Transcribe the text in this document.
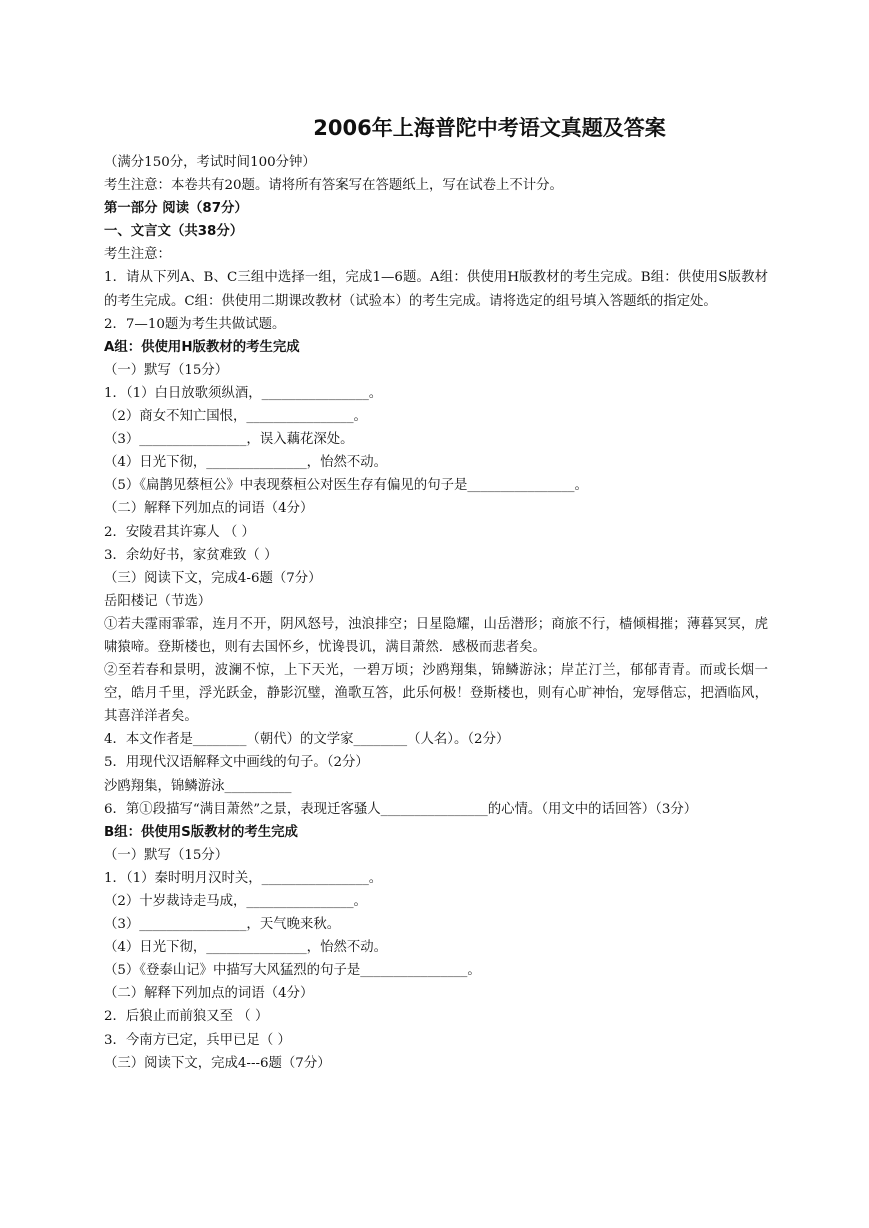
2006年上海普陀中考语文真题及答案
（满分150分，考试时间100分钟）
考生注意：本卷共有20题。请将所有答案写在答题纸上，写在试卷上不计分。
第一部分 阅读（87分）
一、文言文（共38分）
考生注意：
1．请从下列A、B、C三组中选择一组，完成1—6题。A组：供使用H版教材的考生完成。B组：供使用S版教材的考生完成。C组：供使用二期课改教材（试验本）的考生完成。请将选定的组号填入答题纸的指定处。
2．7—10题为考生共做试题。
A组：供使用H版教材的考生完成
（一）默写（15分）
1．（1）白日放歌须纵酒，________________。
（2）商女不知亡国恨，________________。
（3）________________，误入藕花深处。
（4）日光下彻，_______________，怡然不动。
（5）《扁鹊见蔡桓公》中表现蔡桓公对医生存有偏见的句子是________________。
（二）解释下列加点的词语（4分）
2．安陵君其许寡人 （ ）
3．余幼好书，家贫难致（ ）
（三）阅读下文，完成4-6题（7分）
岳阳楼记（节选）
①若夫霪雨霏霏，连月不开，阴风怒号，浊浪排空；日星隐耀，山岳潜形；商旅不行，樯倾楫摧；薄暮冥冥，虎啸猿啼。登斯楼也，则有去国怀乡，忧谗畏讥，满目萧然．感极而悲者矣。
②至若春和景明，波澜不惊，上下天光，一碧万顷；沙鸥翔集，锦鳞游泳；岸芷汀兰，郁郁青青。而或长烟一空，皓月千里，浮光跃金，静影沉璧，渔歌互答，此乐何极！登斯楼也，则有心旷神怡，宠辱偕忘，把酒临风，其喜洋洋者矣。
4．本文作者是________（朝代）的文学家________（人名）。（2分）
5．用现代汉语解释文中画线的句子。（2分）
沙鸥翔集，锦鳞游泳__________
6．第①段描写“满目萧然”之景，表现迁客骚人________________的心情。（用文中的话回答）（3分）
B组：供使用S版教材的考生完成
（一）默写（15分）
1．（1）秦时明月汉时关，________________。
（2）十岁裁诗走马成，________________。
（3）________________，天气晚来秋。
（4）日光下彻，_______________，怡然不动。
（5）《登泰山记》中描写大风猛烈的句子是________________。
（二）解释下列加点的词语（4分）
2．后狼止而前狼又至 （ ）
3．今南方已定，兵甲已足（ ）
（三）阅读下文，完成4---6题（7分）
